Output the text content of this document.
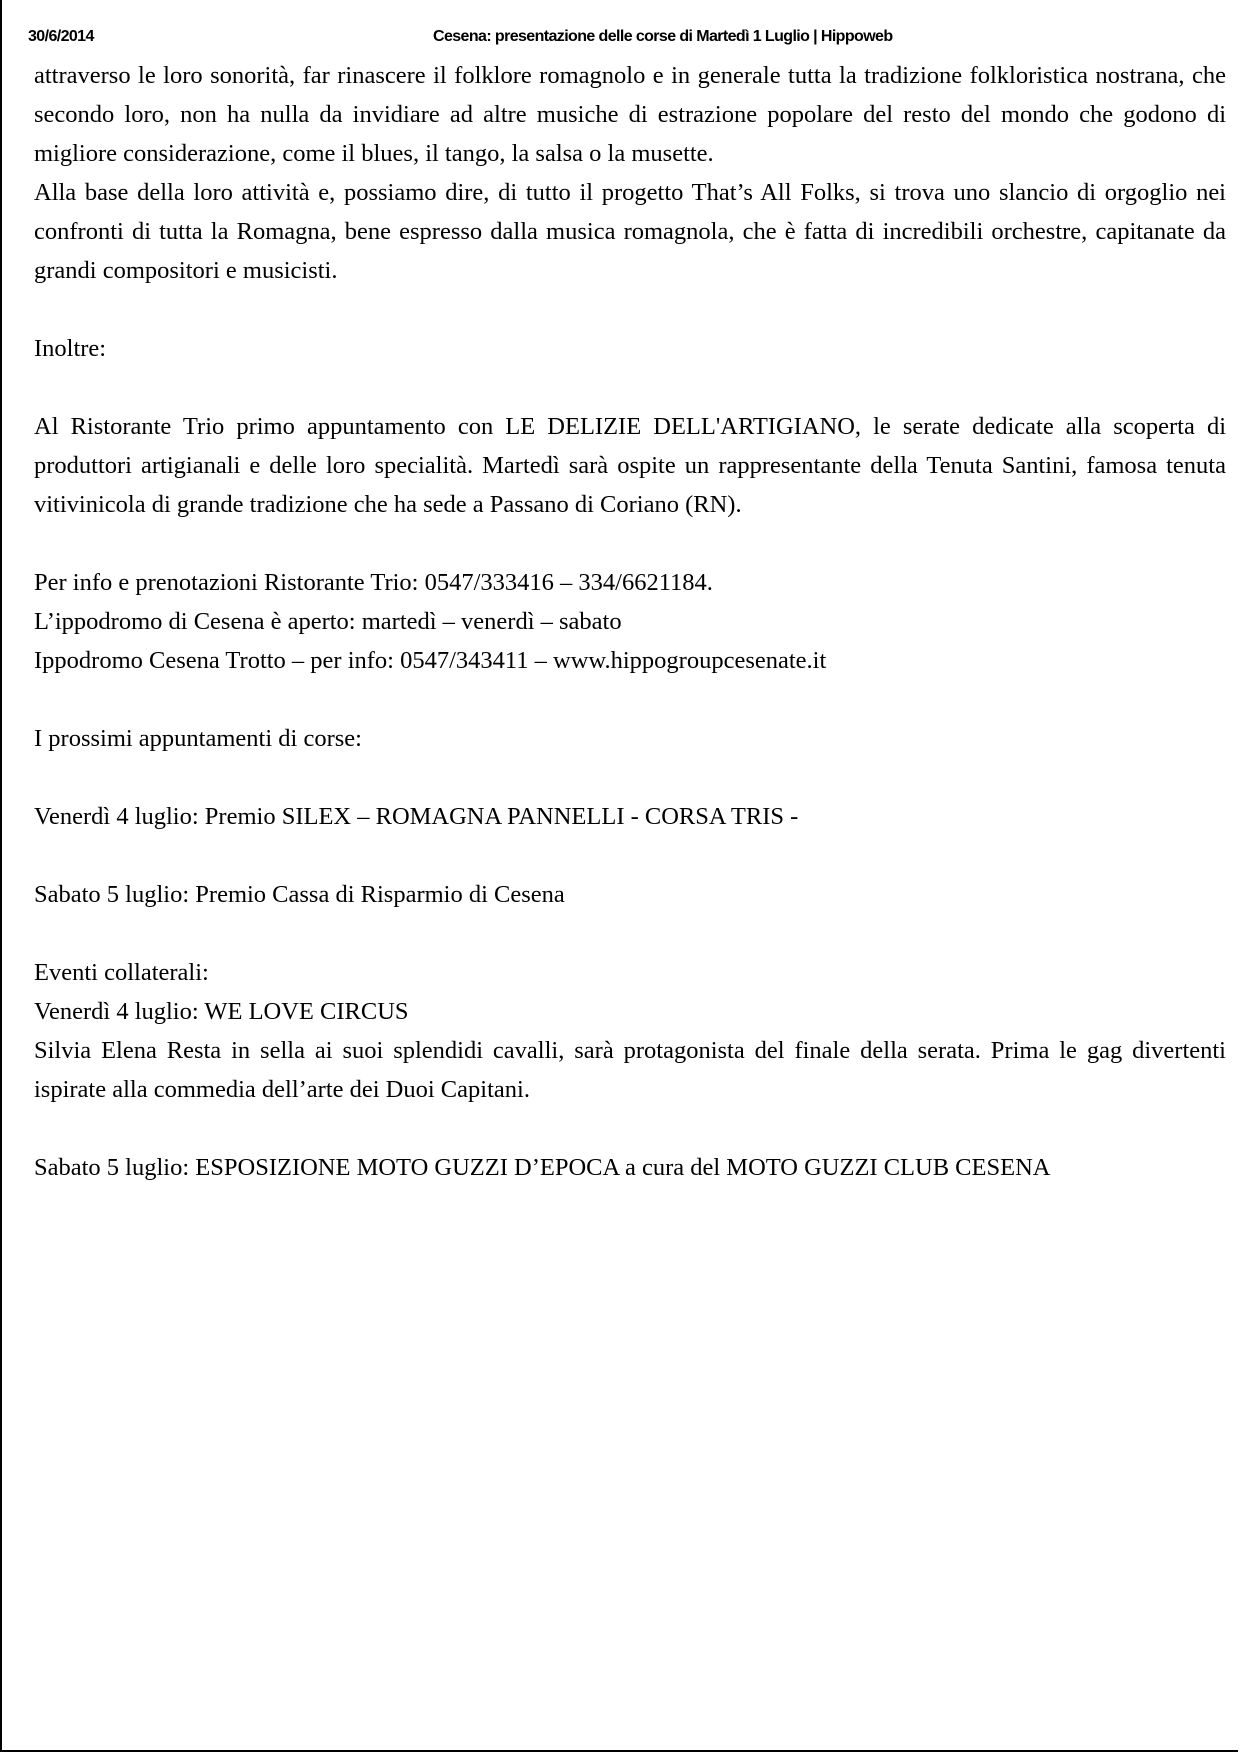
30/6/2014	Cesena: presentazione delle corse di Martedì 1 Luglio | Hippoweb

attraverso le loro sonorità, far rinascere il folklore romagnolo e in generale tutta la tradizione folkloristica nostrana, che secondo loro, non ha nulla da invidiare ad altre musiche di estrazione popolare del resto del mondo che godono di migliore considerazione, come il blues, il tango, la salsa o la musette.

Alla base della loro attività e, possiamo dire, di tutto il progetto That’s All Folks, si trova uno slancio di orgoglio nei confronti di tutta la Romagna, bene espresso dalla musica romagnola, che è fatta di incredibili orchestre, capitanate da grandi compositori e musicisti.

Inoltre:

Al Ristorante Trio primo appuntamento con LE DELIZIE DELL'ARTIGIANO, le serate dedicate alla scoperta di produttori artigianali e delle loro specialità. Martedì sarà ospite un rappresentante della Tenuta Santini, famosa tenuta vitivinicola di grande tradizione che ha sede a Passano di Coriano (RN).

Per info e prenotazioni Ristorante Trio: 0547/333416 – 334/6621184.
L’ippodromo di Cesena è aperto: martedì – venerdì – sabato
Ippodromo Cesena Trotto – per info: 0547/343411 – www.hippogroupcesenate.it
I prossimi appuntamenti di corse:
Venerdì 4 luglio: Premio SILEX – ROMAGNA PANNELLI - CORSA TRIS -
Sabato 5 luglio: Premio Cassa di Risparmio di Cesena
Eventi collaterali:
Venerdì 4 luglio: WE LOVE CIRCUS

Silvia Elena Resta in sella ai suoi splendidi cavalli, sarà protagonista del finale della serata. Prima le gag divertenti ispirate alla commedia dell’arte dei Duoi Capitani.

Sabato 5 luglio: ESPOSIZIONE MOTO GUZZI D’EPOCA a cura del MOTO GUZZI CLUB CESENA
